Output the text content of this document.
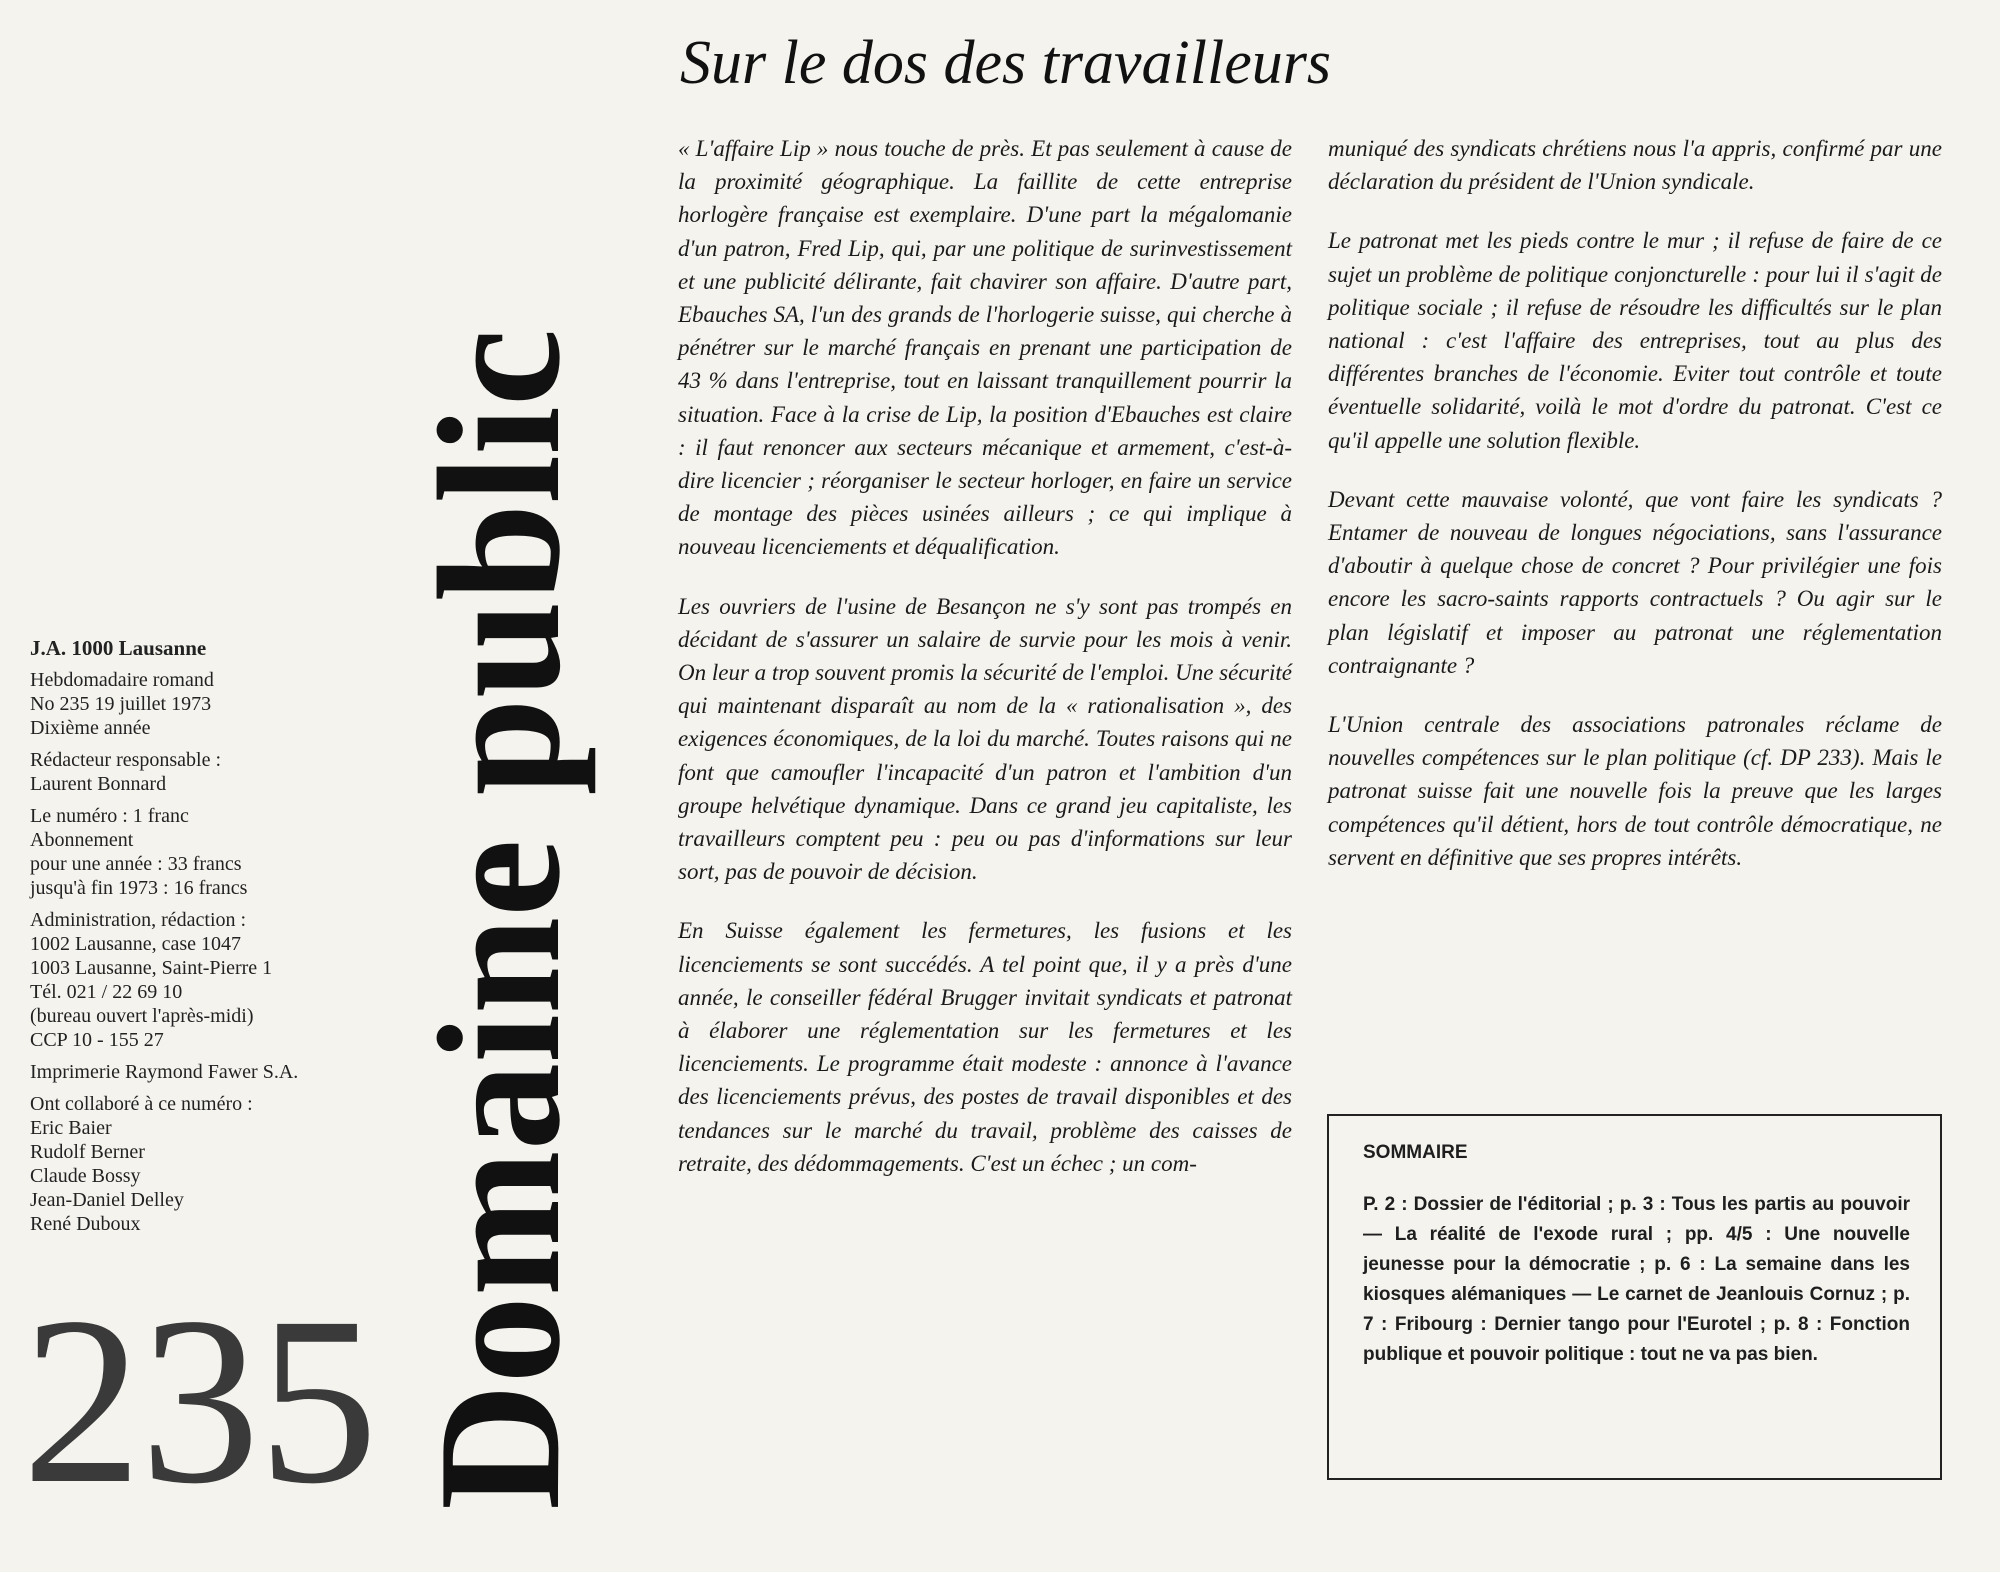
J.A. 1000 Lausanne
Hebdomadaire romand
No 235 19 juillet 1973
Dixième année
Rédacteur responsable :
Laurent Bonnard
Le numéro : 1 franc
Abonnement
pour une année : 33 francs
jusqu'à fin 1973 : 16 francs
Administration, rédaction :
1002 Lausanne, case 1047
1003 Lausanne, Saint-Pierre 1
Tél. 021 / 22 69 10
(bureau ouvert l'après-midi)
CCP 10 - 155 27
Imprimerie Raymond Fawer S.A.
Ont collaboré à ce numéro :
Eric Baier
Rudolf Berner
Claude Bossy
Jean-Daniel Delley
René Duboux
235 Domaine public
Sur le dos des travailleurs

« L'affaire Lip » nous touche de près. Et pas seulement à cause de la proximité géographique. La faillite de cette entreprise horlogère française est exemplaire. D'une part la mégalomanie d'un patron, Fred Lip, qui, par une politique de surinvestissement et une publicité délirante, fait chavirer son affaire. D'autre part, Ebauches SA, l'un des grands de l'horlogerie suisse, qui cherche à pénétrer sur le marché français en prenant une participation de 43 % dans l'entreprise, tout en laissant tranquillement pourrir la situation. Face à la crise de Lip, la position d'Ebauches est claire : il faut renoncer aux secteurs mécanique et armement, c'est-à-dire licencier ; réorganiser le secteur horloger, en faire un service de montage des pièces usinées ailleurs ; ce qui implique à nouveau licenciements et déqualification.

Les ouvriers de l'usine de Besançon ne s'y sont pas trompés en décidant de s'assurer un salaire de survie pour les mois à venir. On leur a trop souvent promis la sécurité de l'emploi. Une sécurité qui maintenant disparaît au nom de la « rationalisation », des exigences économiques, de la loi du marché. Toutes raisons qui ne font que camoufler l'incapacité d'un patron et l'ambition d'un groupe helvétique dynamique. Dans ce grand jeu capitaliste, les travailleurs comptent peu : peu ou pas d'informations sur leur sort, pas de pouvoir de décision.

En Suisse également les fermetures, les fusions et les licenciements se sont succédés. A tel point que, il y a près d'une année, le conseiller fédéral Brugger invitait syndicats et patronat à élaborer une réglementation sur les fermetures et les licenciements. Le programme était modeste : annonce à l'avance des licenciements prévus, des postes de travail disponibles et des tendances sur le marché du travail, problème des caisses de retraite, des dédommagements. C'est un échec ; un com-

muniqué des syndicats chrétiens nous l'a appris, confirmé par une déclaration du président de l'Union syndicale.

Le patronat met les pieds contre le mur ; il refuse de faire de ce sujet un problème de politique conjoncturelle : pour lui il s'agit de politique sociale ; il refuse de résoudre les difficultés sur le plan national : c'est l'affaire des entreprises, tout au plus des différentes branches de l'économie. Eviter tout contrôle et toute éventuelle solidarité, voilà le mot d'ordre du patronat. C'est ce qu'il appelle une solution flexible.

Devant cette mauvaise volonté, que vont faire les syndicats ? Entamer de nouveau de longues négociations, sans l'assurance d'aboutir à quelque chose de concret ? Pour privilégier une fois encore les sacro-saints rapports contractuels ? Ou agir sur le plan législatif et imposer au patronat une réglementation contraignante ?

L'Union centrale des associations patronales réclame de nouvelles compétences sur le plan politique (cf. DP 233). Mais le patronat suisse fait une nouvelle fois la preuve que les larges compétences qu'il détient, hors de tout contrôle démocratique, ne servent en définitive que ses propres intérêts.

SOMMAIRE
P. 2 : Dossier de l'éditorial ; p. 3 : Tous les partis au pouvoir — La réalité de l'exode rural ; pp. 4/5 : Une nouvelle jeunesse pour la démocratie ; p. 6 : La semaine dans les kiosques alémaniques — Le carnet de Jeanlouis Cornuz ; p. 7 : Fribourg : Dernier tango pour l'Eurotel ; p. 8 : Fonction publique et pouvoir politique : tout ne va pas bien.
